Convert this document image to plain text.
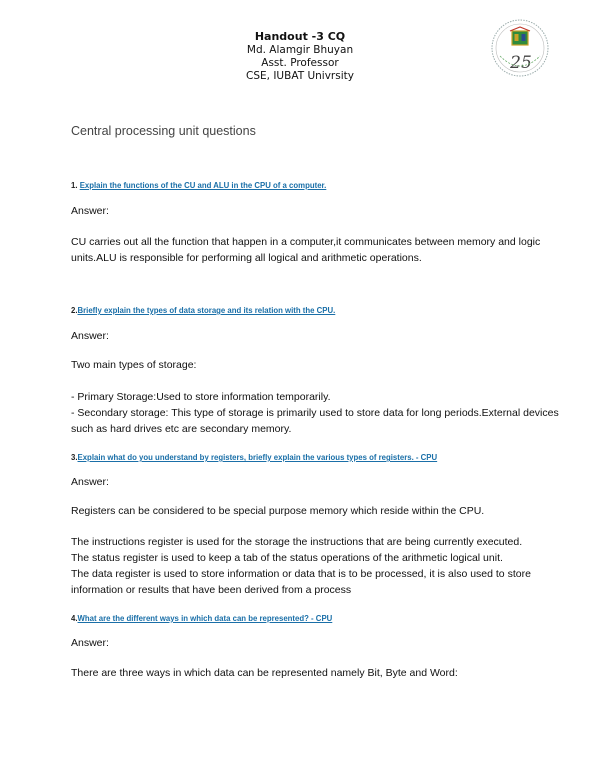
Handout -3 CQ
Md. Alamgir Bhuyan
Asst. Professor
CSE, IUBAT Univrsity
25
Central processing unit questions
1. Explain the functions of the CU and ALU in the CPU of a computer.
Answer:
CU carries out all the function that happen in a computer,it communicates between memory and logic
units.ALU is responsible for performing all logical and arithmetic operations.
2.Briefly explain the types of data storage and its relation with the CPU.
Answer:
Two main types of storage:
- Primary Storage:Used to store information temporarily.
- Secondary storage: This type of storage is primarily used to store data for long periods.External devices
such as hard drives etc are secondary memory.
3.Explain what do you understand by registers, briefly explain the various types of registers. - CPU
Answer:
Registers can be considered to be special purpose memory which reside within the CPU.
The instructions register is used for the storage the instructions that are being currently executed.
The status register is used to keep a tab of the status operations of the arithmetic logical unit.
The data register is used to store information or data that is to be processed, it is also used to store
information or results that have been derived from a process
4.What are the different ways in which data can be represented? - CPU
Answer:
There are three ways in which data can be represented namely Bit, Byte and Word:
